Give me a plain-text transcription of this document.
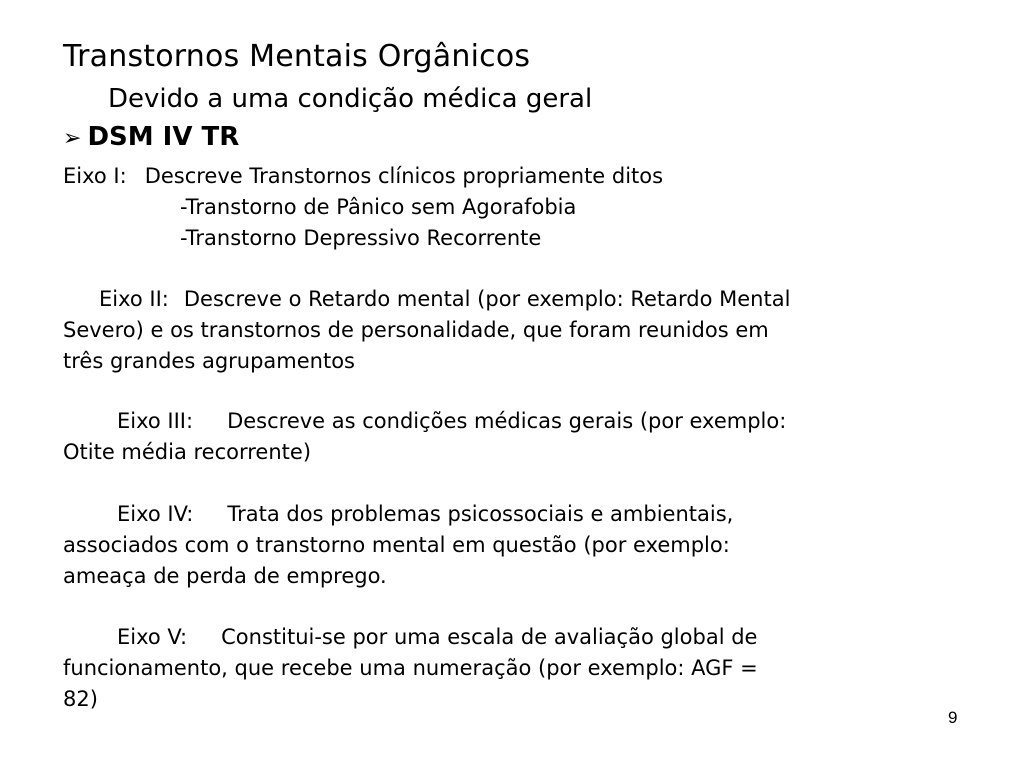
Transtornos Mentais Orgânicos
Devido a uma condição médica geral
➢ DSM IV TR
Eixo I: Descreve Transtornos clínicos propriamente ditos
-Transtorno de Pânico sem Agorafobia
-Transtorno Depressivo Recorrente
Eixo II: Descreve o Retardo mental (por exemplo: Retardo Mental
Severo) e os transtornos de personalidade, que foram reunidos em
três grandes agrupamentos
Eixo III: Descreve as condições médicas gerais (por exemplo:
Otite média recorrente)
Eixo IV: Trata dos problemas psicossociais e ambientais,
associados com o transtorno mental em questão (por exemplo:
ameaça de perda de emprego.
Eixo V: Constitui-se por uma escala de avaliação global de
funcionamento, que recebe uma numeração (por exemplo: AGF =
82)
9
